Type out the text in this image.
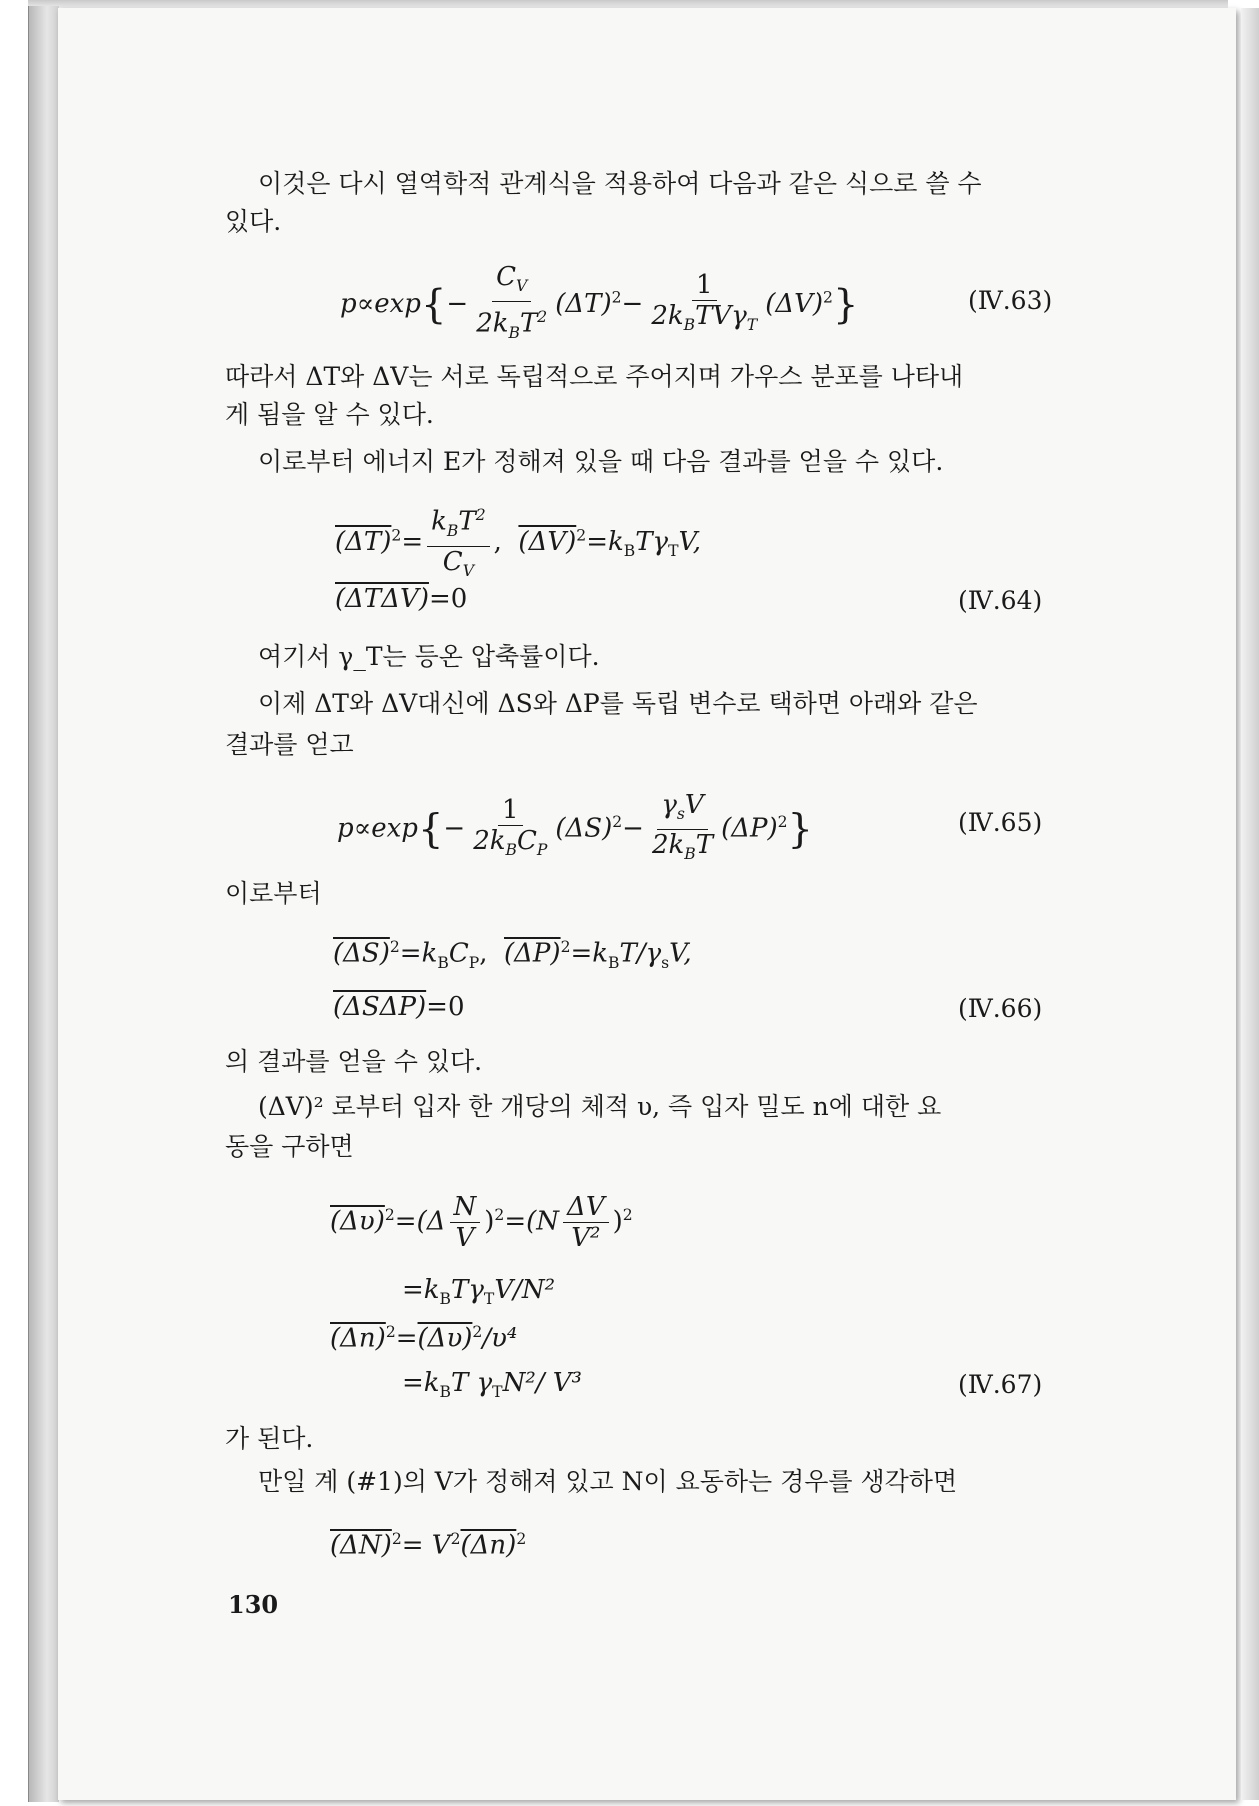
이것은 다시 열역학적 관계식을 적용하여 다음과 같은 식으로 쓸 수
있다.
$p\propto\exp\{- \frac{C_V}{2k_BT^2} (\Delta T)^2- \frac{1}{2k_BTV\gamma_T} (\Delta V)^2\}$	(Ⅳ.63)
따라서 ΔT와 ΔV는 서로 독립적으로 주어지며 가우스 분포를 나타내
게 됨을 알 수 있다.
이로부터 에너지 E가 정해져 있을 때 다음 결과를 얻을 수 있다.
$(\Delta T)^2= \frac{k_BT^2}{C_V}$ , $(\Delta V)^2=k_BT\gamma_TV$,
(ΔTΔV)=0	(Ⅳ.64)
여기서 γ_T는 등온 압축률이다.
이제 ΔT와 ΔV대신에 ΔS와 ΔP를 독립 변수로 택하면 아래와 같은
결과를 얻고
$p\propto\exp\{- \frac{1}{2k_BC_P} (\Delta S)^2- \frac{\gamma_sV}{2k_BT} (\Delta P)^2\}$	(Ⅳ.65)
이로부터
$(\Delta S)^2=k_BC_P$, $(\Delta P)^2=k_BT/\gamma_sV$,
(ΔSΔP)=0	(Ⅳ.66)
의 결과를 얻을 수 있다.
(ΔV)² 로부터 입자 한 개당의 체적 υ, 즉 입자 밀도 n에 대한 요
동을 구하면
$(\Delta\upsilon)^2=(\Delta \frac{N}{V} )^2=(N \frac{\Delta V}{\text{V²}} )^2$
$=k_BT\gamma_TV/N^2$
$(\Delta n)^2=(\Delta\upsilon)^2/\upsilon^4$
$=k_BT$ $\gamma_TN^2/$ V³	(Ⅳ.67)
가 된다.
만일 계 (#1)의 V가 정해져 있고 N이 요동하는 경우를 생각하면
$(\Delta N)^2= V^2(\Delta n)^2$
130
